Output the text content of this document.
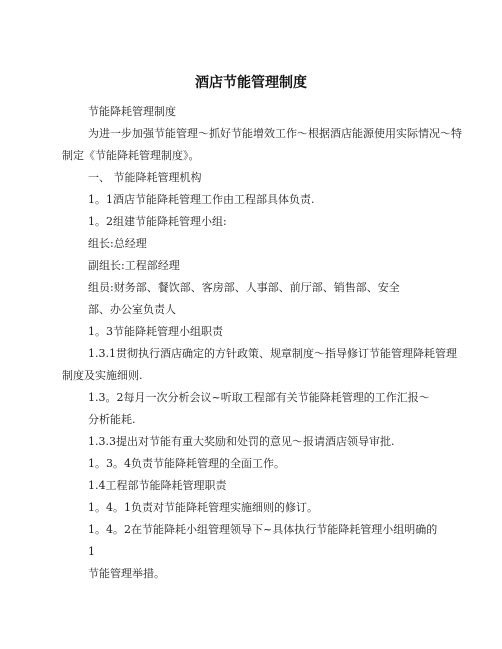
酒店节能管理制度
节能降耗管理制度
为进一步加强节能管理～抓好节能增效工作～根据酒店能源使用实际情况～特
制定《节能降耗管理制度》。
一、 节能降耗管理机构
1。1酒店节能降耗管理工作由工程部具体负责.
1。2组建节能降耗管理小组:
组长:总经理
副组长:工程部经理
组员:财务部、餐饮部、客房部、人事部、前厅部、销售部、安全
部、办公室负责人
1。3节能降耗管理小组职责
1.3.1贯彻执行酒店确定的方针政策、规章制度～指导修订节能管理降耗管理
制度及实施细则.
1.3。2每月一次分析会议~听取工程部有关节能降耗管理的工作汇报～
分析能耗.
1.3.3提出对节能有重大奖励和处罚的意见～报请酒店领导审批.
1。3。4负责节能降耗管理的全面工作。
1.4工程部节能降耗管理职责
1。4。1负责对节能降耗管理实施细则的修订。
1。4。2在节能降耗小组管理领导下~具体执行节能降耗管理小组明确的
1
节能管理举措。
